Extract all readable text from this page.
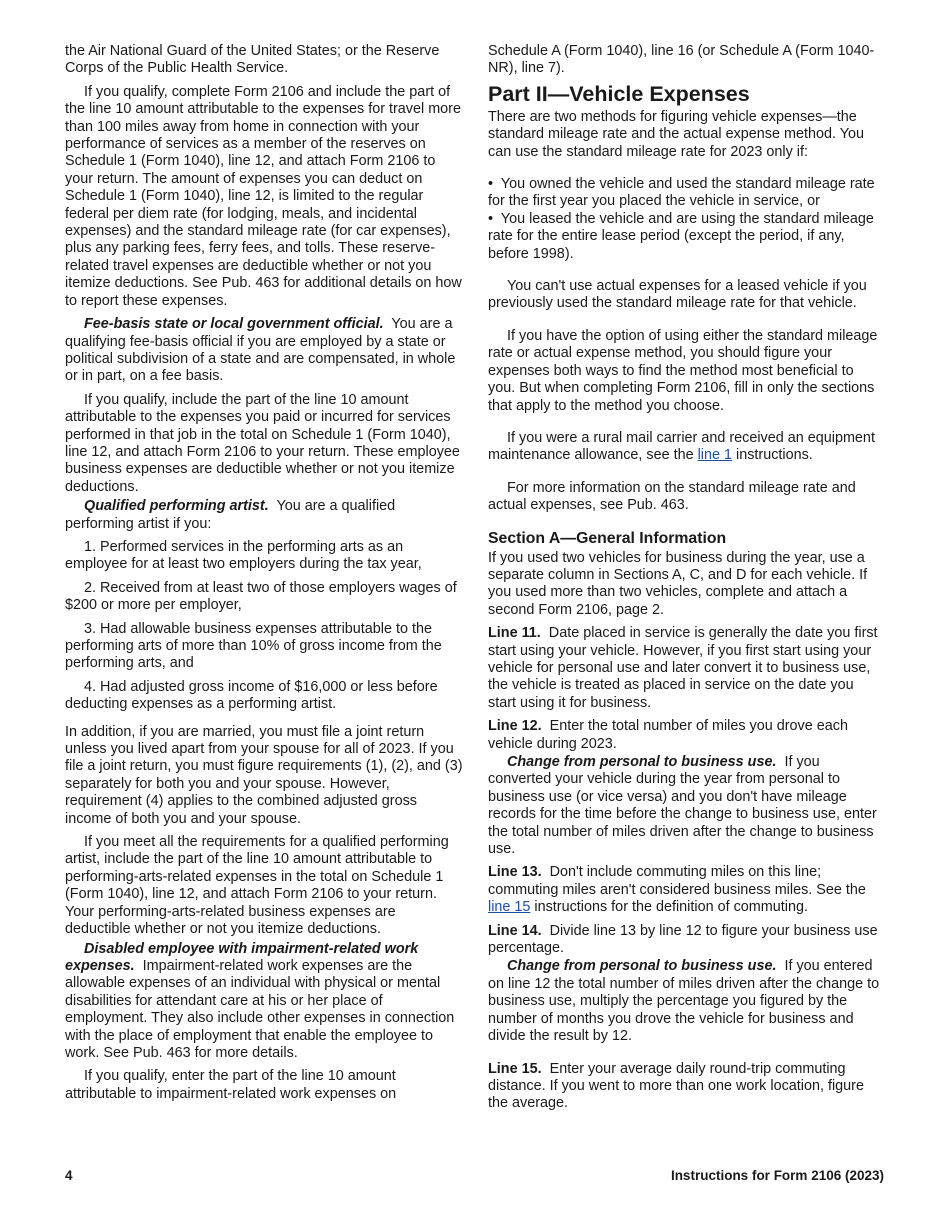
the Air National Guard of the United States; or the Reserve Corps of the Public Health Service.

If you qualify, complete Form 2106 and include the part of the line 10 amount attributable to the expenses for travel more than 100 miles away from home in connection with your performance of services as a member of the reserves on Schedule 1 (Form 1040), line 12, and attach Form 2106 to your return. The amount of expenses you can deduct on Schedule 1 (Form 1040), line 12, is limited to the regular federal per diem rate (for lodging, meals, and incidental expenses) and the standard mileage rate (for car expenses), plus any parking fees, ferry fees, and tolls. These reserve-related travel expenses are deductible whether or not you itemize deductions. See Pub. 463 for additional details on how to report these expenses.

Fee-basis state or local government official. You are a qualifying fee-basis official if you are employed by a state or political subdivision of a state and are compensated, in whole or in part, on a fee basis.

If you qualify, include the part of the line 10 amount attributable to the expenses you paid or incurred for services performed in that job in the total on Schedule 1 (Form 1040), line 12, and attach Form 2106 to your return. These employee business expenses are deductible whether or not you itemize deductions.

Qualified performing artist. You are a qualified performing artist if you:

1. Performed services in the performing arts as an employee for at least two employers during the tax year,

2. Received from at least two of those employers wages of $200 or more per employer,

3. Had allowable business expenses attributable to the performing arts of more than 10% of gross income from the performing arts, and

4. Had adjusted gross income of $16,000 or less before deducting expenses as a performing artist.

In addition, if you are married, you must file a joint return unless you lived apart from your spouse for all of 2023. If you file a joint return, you must figure requirements (1), (2), and (3) separately for both you and your spouse. However, requirement (4) applies to the combined adjusted gross income of both you and your spouse.

If you meet all the requirements for a qualified performing artist, include the part of the line 10 amount attributable to performing-arts-related expenses in the total on Schedule 1 (Form 1040), line 12, and attach Form 2106 to your return. Your performing-arts-related business expenses are deductible whether or not you itemize deductions.

Disabled employee with impairment-related work expenses. Impairment-related work expenses are the allowable expenses of an individual with physical or mental disabilities for attendant care at his or her place of employment. They also include other expenses in connection with the place of employment that enable the employee to work. See Pub. 463 for more details.

If you qualify, enter the part of the line 10 amount attributable to impairment-related work expenses on

Schedule A (Form 1040), line 16 (or Schedule A (Form 1040-NR), line 7).

Part II—Vehicle Expenses

There are two methods for figuring vehicle expenses—the standard mileage rate and the actual expense method. You can use the standard mileage rate for 2023 only if:

• You owned the vehicle and used the standard mileage rate for the first year you placed the vehicle in service, or

• You leased the vehicle and are using the standard mileage rate for the entire lease period (except the period, if any, before 1998).

You can't use actual expenses for a leased vehicle if you previously used the standard mileage rate for that vehicle.

If you have the option of using either the standard mileage rate or actual expense method, you should figure your expenses both ways to find the method most beneficial to you. But when completing Form 2106, fill in only the sections that apply to the method you choose.

If you were a rural mail carrier and received an equipment maintenance allowance, see the line 1 instructions.

For more information on the standard mileage rate and actual expenses, see Pub. 463.

Section A—General Information

If you used two vehicles for business during the year, use a separate column in Sections A, C, and D for each vehicle. If you used more than two vehicles, complete and attach a second Form 2106, page 2.

Line 11. Date placed in service is generally the date you first start using your vehicle. However, if you first start using your vehicle for personal use and later convert it to business use, the vehicle is treated as placed in service on the date you start using it for business.

Line 12. Enter the total number of miles you drove each vehicle during 2023.

Change from personal to business use. If you converted your vehicle during the year from personal to business use (or vice versa) and you don't have mileage records for the time before the change to business use, enter the total number of miles driven after the change to business use.

Line 13. Don't include commuting miles on this line; commuting miles aren't considered business miles. See the line 15 instructions for the definition of commuting.

Line 14. Divide line 13 by line 12 to figure your business use percentage.

Change from personal to business use. If you entered on line 12 the total number of miles driven after the change to business use, multiply the percentage you figured by the number of months you drove the vehicle for business and divide the result by 12.

Line 15. Enter your average daily round-trip commuting distance. If you went to more than one work location, figure the average.

4	Instructions for Form 2106 (2023)
